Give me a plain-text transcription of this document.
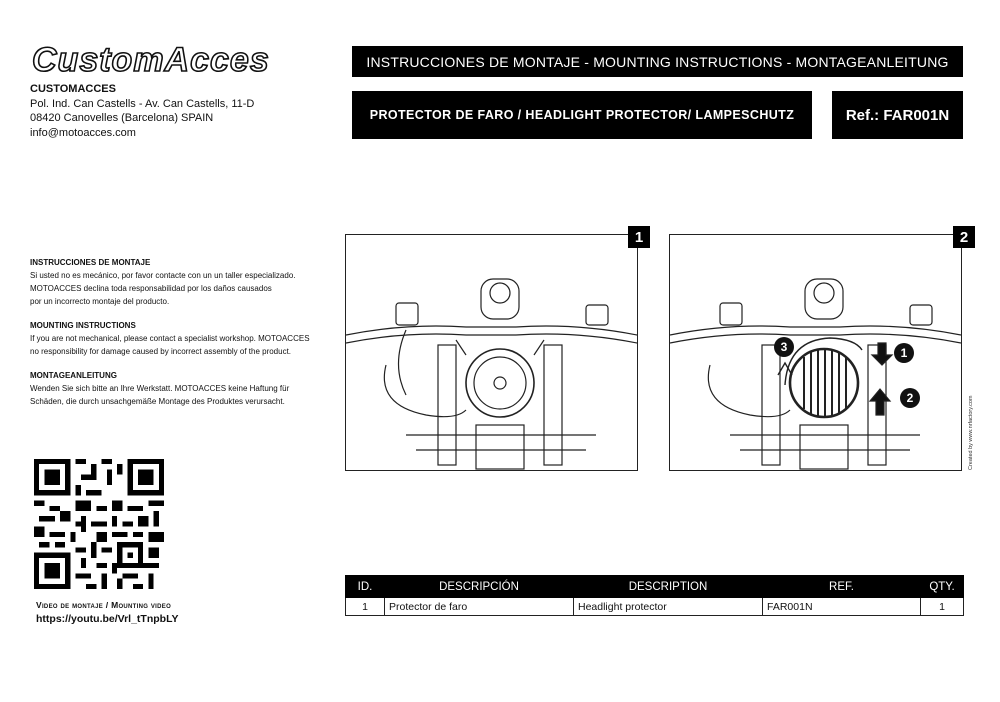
CustomAcces
CUSTOMACCES
Pol. Ind. Can Castells - Av. Can Castells, 11-D
08420 Canovelles (Barcelona) SPAIN
info@motoacces.com
INSTRUCCIONES DE MONTAJE - MOUNTING INSTRUCTIONS - MONTAGEANLEITUNG
PROTECTOR DE FARO / HEADLIGHT PROTECTOR/ LAMPESCHUTZ	Ref.: FAR001N
INSTRUCCIONES DE MONTAJE
Si usted no es mecánico, por favor contacte con un un taller especializado.
MOTOACCES declina toda responsabilidad por los daños causados
por un incorrecto montaje del producto.
MOUNTING INSTRUCTIONS
If you are not mechanical, please contact a specialist workshop. MOTOACCES
no responsibility for damage caused by incorrect assembly of the product.
MONTAGEANLEITUNG
Wenden Sie sich bitte an Ihre Werkstatt. MOTOACCES keine Haftung für
Schäden, die durch unsachgemäße Montage des Produktes verursacht.
Video de montaje / Mounting video
https://youtu.be/Vrl_tTnpbLY
1
1
2
3
2
Created by www.nrfactory.com
ID.	DESCRIPCIÓN	DESCRIPTION	REF.	QTY.
1	Protector de faro	Headlight protector	FAR001N	1
